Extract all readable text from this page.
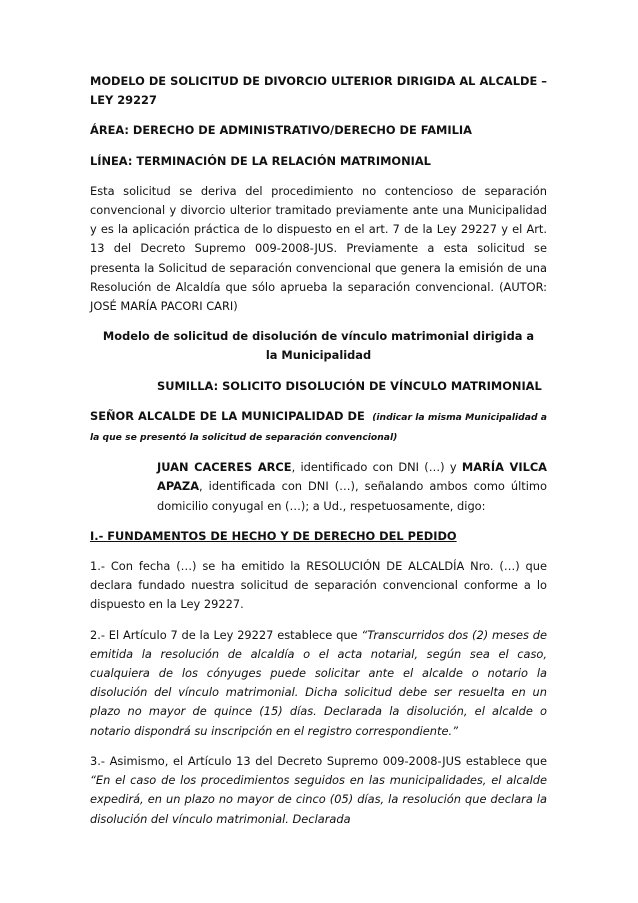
MODELO DE SOLICITUD DE DIVORCIO ULTERIOR DIRIGIDA AL ALCALDE – LEY 29227

ÁREA: DERECHO DE ADMINISTRATIVO/DERECHO DE FAMILIA

LÍNEA: TERMINACIÓN DE LA RELACIÓN MATRIMONIAL

Esta solicitud se deriva del procedimiento no contencioso de separación convencional y divorcio ulterior tramitado previamente ante una Municipalidad y es la aplicación práctica de lo dispuesto en el art. 7 de la Ley 29227 y el Art. 13 del Decreto Supremo 009-2008-JUS. Previamente a esta solicitud se presenta la Solicitud de separación convencional que genera la emisión de una Resolución de Alcaldía que sólo aprueba la separación convencional. (AUTOR: JOSÉ MARÍA PACORI CARI)

Modelo de solicitud de disolución de vínculo matrimonial dirigida a la Municipalidad

SUMILLA: SOLICITO DISOLUCIÓN DE VÍNCULO MATRIMONIAL

SEÑOR ALCALDE DE LA MUNICIPALIDAD DE (indicar la misma Municipalidad a la que se presentó la solicitud de separación convencional)

JUAN CACERES ARCE, identificado con DNI (…) y MARÍA VILCA APAZA, identificada con DNI (…), señalando ambos como último domicilio conyugal en (…); a Ud., respetuosamente, digo:

I.- FUNDAMENTOS DE HECHO Y DE DERECHO DEL PEDIDO

1.- Con fecha (…) se ha emitido la RESOLUCIÓN DE ALCALDÍA Nro. (…) que declara fundado nuestra solicitud de separación convencional conforme a lo dispuesto en la Ley 29227.

2.- El Artículo 7 de la Ley 29227 establece que “Transcurridos dos (2) meses de emitida la resolución de alcaldía o el acta notarial, según sea el caso, cualquiera de los cónyuges puede solicitar ante el alcalde o notario la disolución del vínculo matrimonial. Dicha solicitud debe ser resuelta en un plazo no mayor de quince (15) días. Declarada la disolución, el alcalde o notario dispondrá su inscripción en el registro correspondiente.”

3.- Asimismo, el Artículo 13 del Decreto Supremo 009-2008-JUS establece que “En el caso de los procedimientos seguidos en las municipalidades, el alcalde expedirá, en un plazo no mayor de cinco (05) días, la resolución que declara la disolución del vínculo matrimonial. Declarada
